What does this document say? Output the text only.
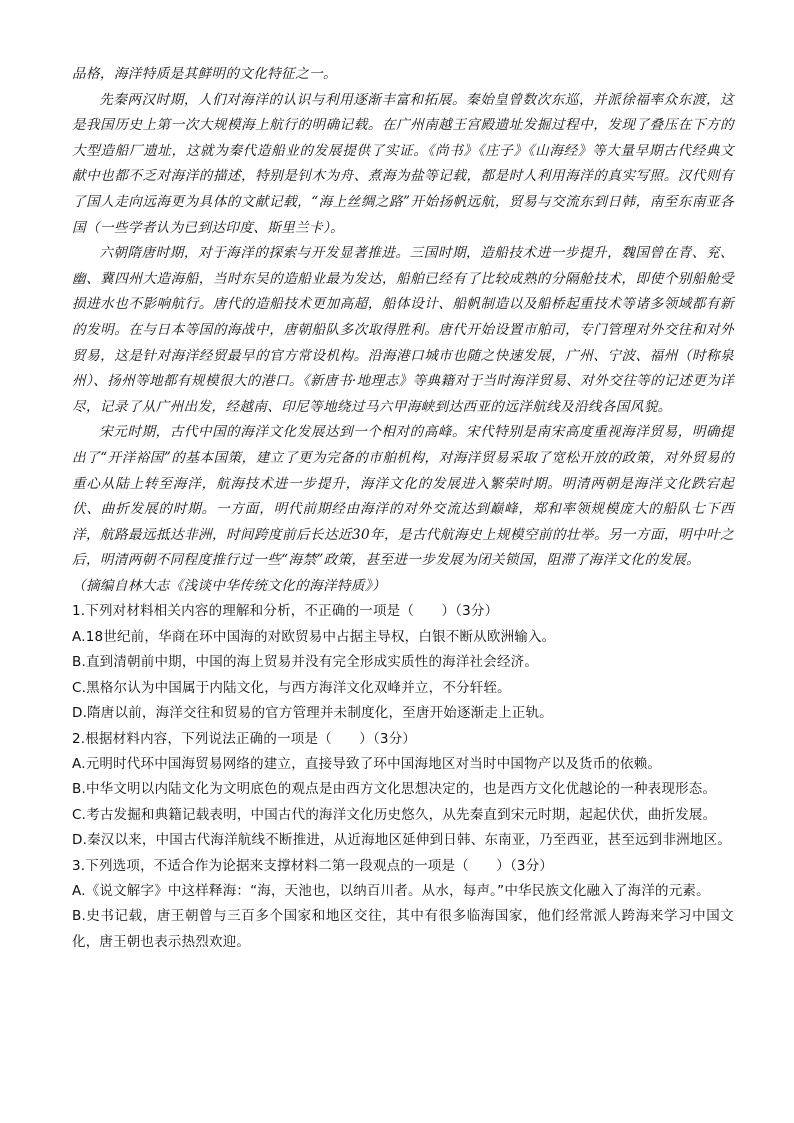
品格，海洋特质是其鲜明的文化特征之一。

先秦两汉时期，人们对海洋的认识与利用逐渐丰富和拓展。秦始皇曾数次东巡，并派徐福率众东渡，这是我国历史上第一次大规模海上航行的明确记载。在广州南越王宫殿遗址发掘过程中，发现了叠压在下方的大型造船厂遗址，这就为秦代造船业的发展提供了实证。《尚书》《庄子》《山海经》等大量早期古代经典文献中也都不乏对海洋的描述，特别是钊木为舟、煮海为盐等记载，都是时人利用海洋的真实写照。汉代则有了国人走向远海更为具体的文献记载，“海上丝绸之路”开始扬帆远航，贸易与交流东到日韩，南至东南亚各国（一些学者认为已到达印度、斯里兰卡）。

六朝隋唐时期，对于海洋的探索与开发显著推进。三国时期，造船技术进一步提升，魏国曾在青、兖、幽、冀四州大造海船，当时东吴的造船业最为发达，船舶已经有了比较成熟的分隔舱技术，即使个别船舱受损进水也不影响航行。唐代的造船技术更加高超，船体设计、船帆制造以及船桥起重技术等诸多领域都有新的发明。在与日本等国的海战中，唐朝船队多次取得胜利。唐代开始设置市舶司，专门管理对外交往和对外贸易，这是针对海洋经贸最早的官方常设机构。沿海港口城市也随之快速发展，广州、宁波、福州（时称泉州）、扬州等地都有规模很大的港口。《新唐书·地理志》等典籍对于当时海洋贸易、对外交往等的记述更为详尽，记录了从广州出发，经越南、印尼等地绕过马六甲海峡到达西亚的远洋航线及沿线各国风貌。

宋元时期，古代中国的海洋文化发展达到一个相对的高峰。宋代特别是南宋高度重视海洋贸易，明确提出了“开洋裕国”的基本国策，建立了更为完备的市舶机构，对海洋贸易采取了宽松开放的政策，对外贸易的重心从陆上转至海洋，航海技术进一步提升，海洋文化的发展进入繁荣时期。明清两朝是海洋文化跌宕起伏、曲折发展的时期。一方面，明代前期经由海洋的对外交流达到巅峰，郑和率领规模庞大的船队七下西洋，航路最远抵达非洲，时间跨度前后长达近30年，是古代航海史上规模空前的壮举。另一方面，明中叶之后，明清两朝不同程度推行过一些“海禁”政策，甚至进一步发展为闭关锁国，阻滞了海洋文化的发展。

（摘编自林大志《浅谈中华传统文化的海洋特质》）

1.下列对材料相关内容的理解和分析，不正确的一项是（　　）（3分）

A.18世纪前，华商在环中国海的对欧贸易中占据主导权，白银不断从欧洲输入。

B.直到清朝前中期，中国的海上贸易并没有完全形成实质性的海洋社会经济。

C.黑格尔认为中国属于内陆文化，与西方海洋文化双峰并立，不分轩轾。

D.隋唐以前，海洋交往和贸易的官方管理并未制度化，至唐开始逐渐走上正轨。

2.根据材料内容，下列说法正确的一项是（　　）（3分）

A.元明时代环中国海贸易网络的建立，直接导致了环中国海地区对当时中国物产以及货币的依赖。

B.中华文明以内陆文化为文明底色的观点是由西方文化思想决定的，也是西方文化优越论的一种表现形态。

C.考古发掘和典籍记载表明，中国古代的海洋文化历史悠久，从先秦直到宋元时期，起起伏伏，曲折发展。

D.秦汉以来，中国古代海洋航线不断推进，从近海地区延伸到日韩、东南亚，乃至西亚，甚至远到非洲地区。

3.下列选项，不适合作为论据来支撑材料二第一段观点的一项是（　　）（3分）

A.《说文解字》中这样释海：“海，天池也，以纳百川者。从水，每声。”中华民族文化融入了海洋的元素。

B.史书记载，唐王朝曾与三百多个国家和地区交往，其中有很多临海国家，他们经常派人跨海来学习中国文化，唐王朝也表示热烈欢迎。
